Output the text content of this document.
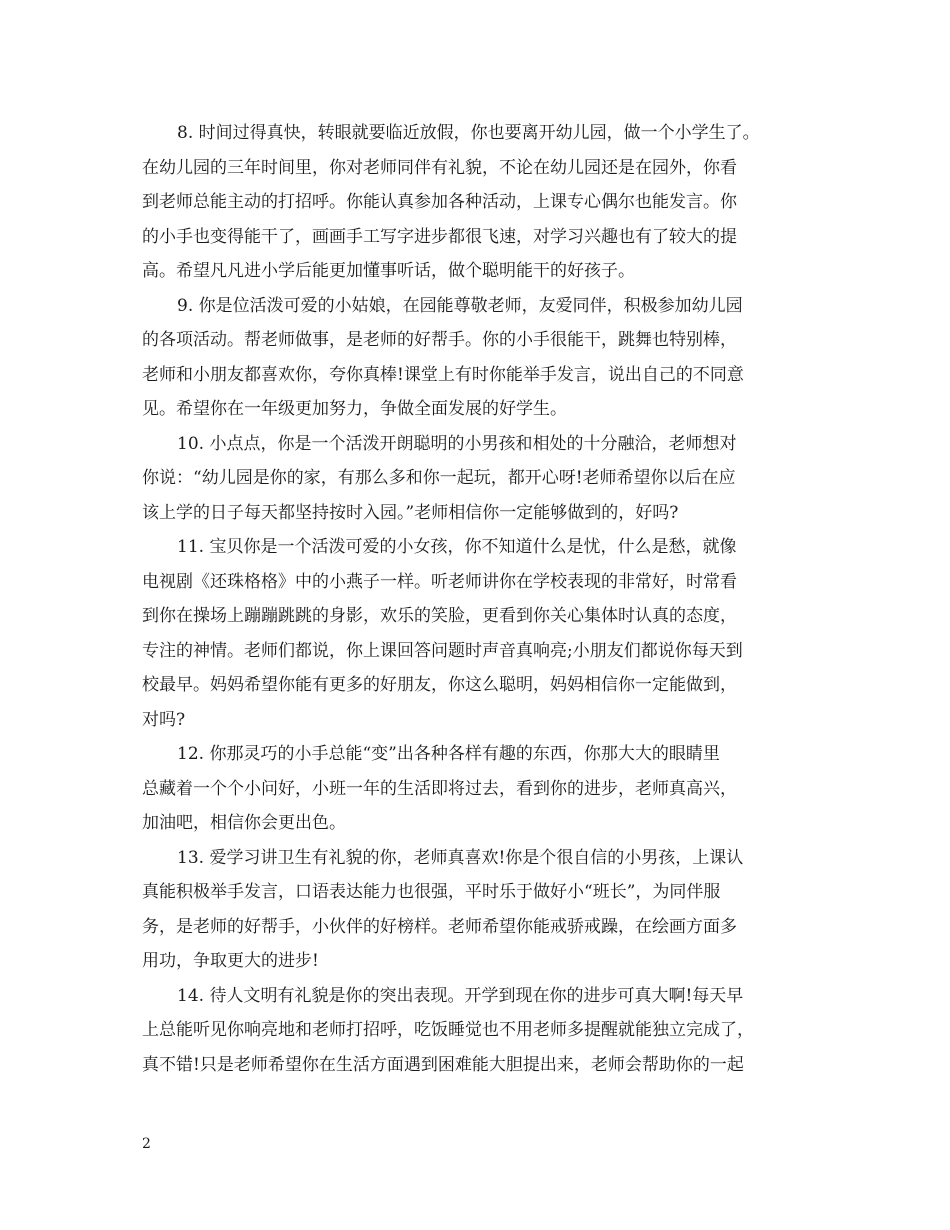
8. 时间过得真快，转眼就要临近放假，你也要离开幼儿园，做一个小学生了。
在幼儿园的三年时间里，你对老师同伴有礼貌，不论在幼儿园还是在园外，你看
到老师总能主动的打招呼。你能认真参加各种活动，上课专心偶尔也能发言。你
的小手也变得能干了，画画手工写字进步都很飞速，对学习兴趣也有了较大的提
高。希望凡凡进小学后能更加懂事听话，做个聪明能干的好孩子。
9. 你是位活泼可爱的小姑娘，在园能尊敬老师，友爱同伴，积极参加幼儿园
的各项活动。帮老师做事，是老师的好帮手。你的小手很能干，跳舞也特别棒，
老师和小朋友都喜欢你，夸你真棒!课堂上有时你能举手发言，说出自己的不同意
见。希望你在一年级更加努力，争做全面发展的好学生。
10. 小点点，你是一个活泼开朗聪明的小男孩和相处的十分融洽，老师想对
你说：“幼儿园是你的家，有那么多和你一起玩，都开心呀!老师希望你以后在应
该上学的日子每天都坚持按时入园。”老师相信你一定能够做到的，好吗?
11. 宝贝你是一个活泼可爱的小女孩，你不知道什么是忧，什么是愁，就像
电视剧《还珠格格》中的小燕子一样。听老师讲你在学校表现的非常好，时常看
到你在操场上蹦蹦跳跳的身影，欢乐的笑脸，更看到你关心集体时认真的态度，
专注的神情。老师们都说，你上课回答问题时声音真响亮;小朋友们都说你每天到
校最早。妈妈希望你能有更多的好朋友，你这么聪明，妈妈相信你一定能做到，
对吗?
12. 你那灵巧的小手总能“变”出各种各样有趣的东西，你那大大的眼睛里
总藏着一个个小问好，小班一年的生活即将过去，看到你的进步，老师真高兴，
加油吧，相信你会更出色。
13. 爱学习讲卫生有礼貌的你，老师真喜欢!你是个很自信的小男孩，上课认
真能积极举手发言，口语表达能力也很强，平时乐于做好小“班长”，为同伴服
务，是老师的好帮手，小伙伴的好榜样。老师希望你能戒骄戒躁，在绘画方面多
用功，争取更大的进步!
14. 待人文明有礼貌是你的突出表现。开学到现在你的进步可真大啊!每天早
上总能听见你响亮地和老师打招呼，吃饭睡觉也不用老师多提醒就能独立完成了，
真不错!只是老师希望你在生活方面遇到困难能大胆提出来，老师会帮助你的一起
2
